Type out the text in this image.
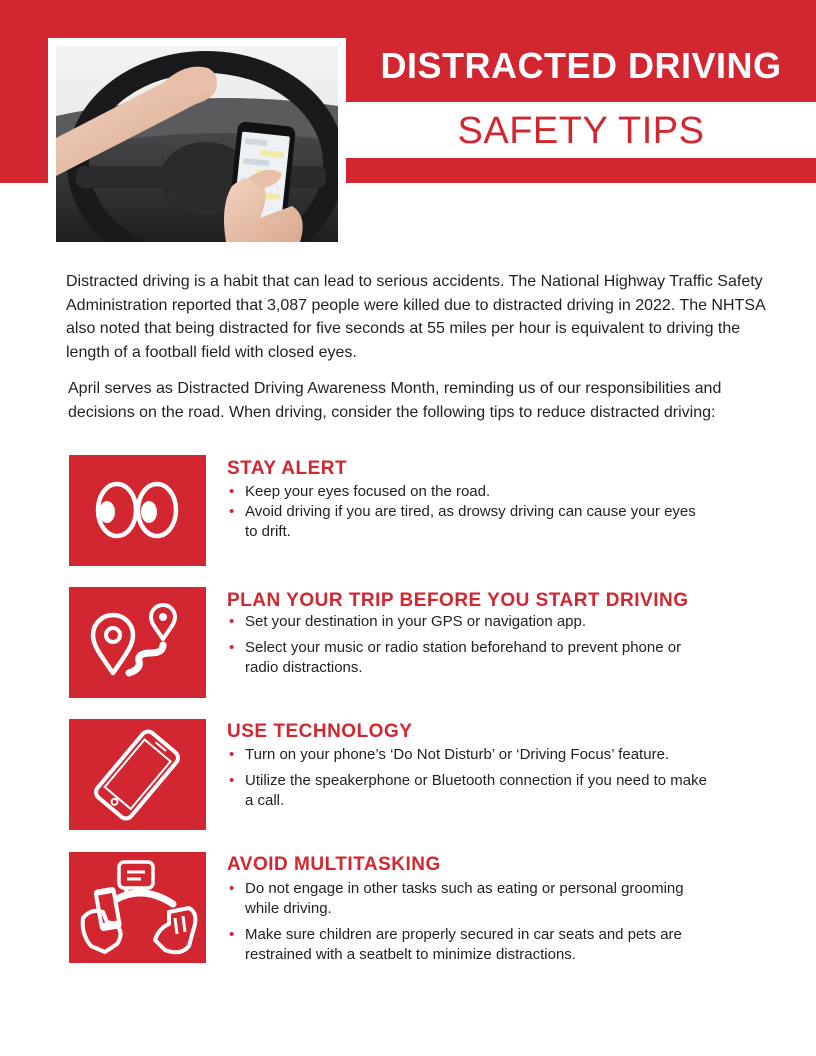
DISTRACTED DRIVING
SAFETY TIPS

Distracted driving is a habit that can lead to serious accidents. The National Highway Traffic Safety Administration reported that 3,087 people were killed due to distracted driving in 2022. The NHTSA also noted that being distracted for five seconds at 55 miles per hour is equivalent to driving the length of a football field with closed eyes.

April serves as Distracted Driving Awareness Month, reminding us of our responsibilities and decisions on the road. When driving, consider the following tips to reduce distracted driving:

STAY ALERT
• Keep your eyes focused on the road.
• Avoid driving if you are tired, as drowsy driving can cause your eyes to drift.
PLAN YOUR TRIP BEFORE YOU START DRIVING
• Set your destination in your GPS or navigation app.
• Select your music or radio station beforehand to prevent phone or radio distractions.
USE TECHNOLOGY
• Turn on your phone’s ‘Do Not Disturb’ or ‘Driving Focus’ feature.
• Utilize the speakerphone or Bluetooth connection if you need to make a call.
AVOID MULTITASKING
• Do not engage in other tasks such as eating or personal grooming while driving.
• Make sure children are properly secured in car seats and pets are restrained with a seatbelt to minimize distractions.
